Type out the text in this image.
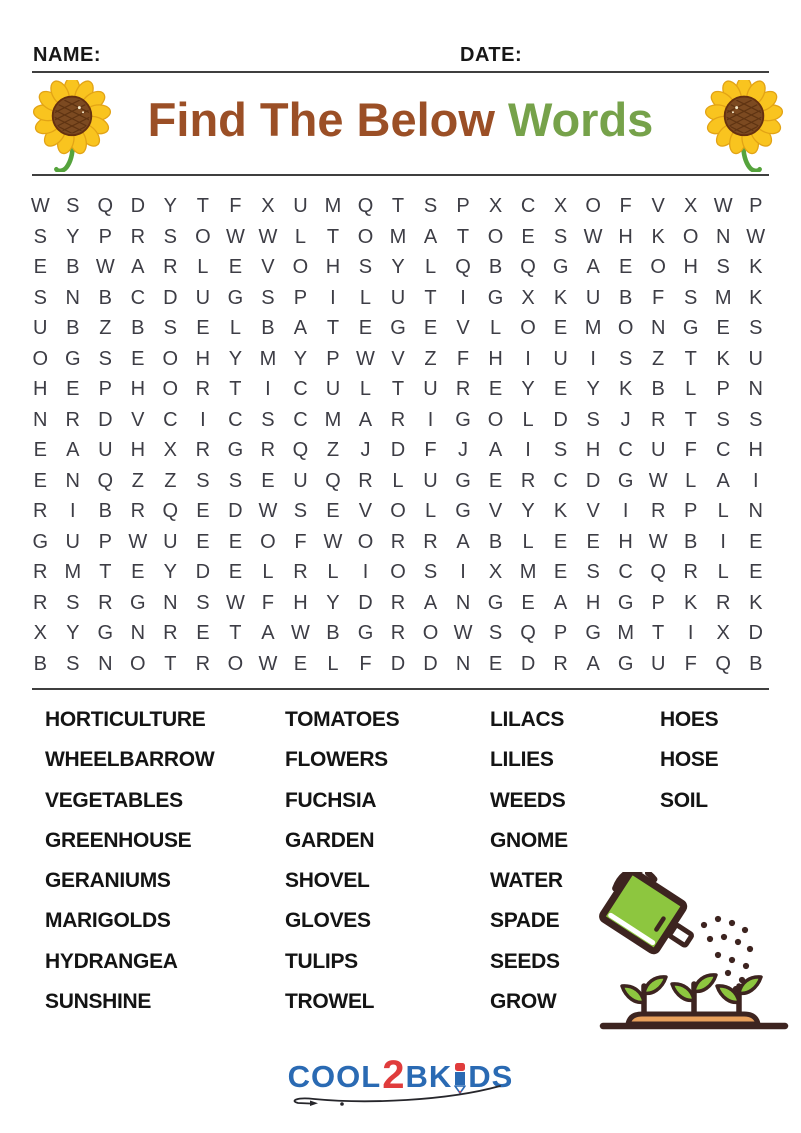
NAME:	DATE:
Find The Below Words
W S Q D Y T F X U M Q T S P X C X O F V X W P
S Y P R S O W W L T O M A T O E S W H K O N W
E B W A R L E V O H S Y L Q B Q G A E O H S K
S N B C D U G S P I L U T I G X K U B F S M K
U B Z B S E L B A T E G E V L O E M O N G E S
O G S E O H Y M Y P W V Z F H I U I S Z T K U
H E P H O R T I C U L T U R E Y E Y K B L P N
N R D V C I C S C M A R I G O L D S J R T S S
E A U H X R G R Q Z J D F J A I S H C U F C H
E N Q Z Z S S E U Q R L U G E R C D G W L A I
R I B R Q E D W S E V O L G V Y K V I R P L N
G U P W U E E O F W O R R A B L E E H W B I E
R M T E Y D E L R L I O S I X M E S C Q R L E
R S R G N S W F H Y D R A N G E A H G P K R K
X Y G N R E T A W B G R O W S Q P G M T I X D
B S N O T R O W E L F D D N E D R A G U F Q B
HORTICULTURE
WHEELBARROW
VEGETABLES
GREENHOUSE
GERANIUMS
MARIGOLDS
HYDRANGEA
SUNSHINE
TOMATOES
FLOWERS
FUCHSIA
GARDEN
SHOVEL
GLOVES
TULIPS
TROWEL
LILACS
LILIES
WEEDS
GNOME
WATER
SPADE
SEEDS
GROW
HOES
HOSE
SOIL
COOL 2 BK DS
